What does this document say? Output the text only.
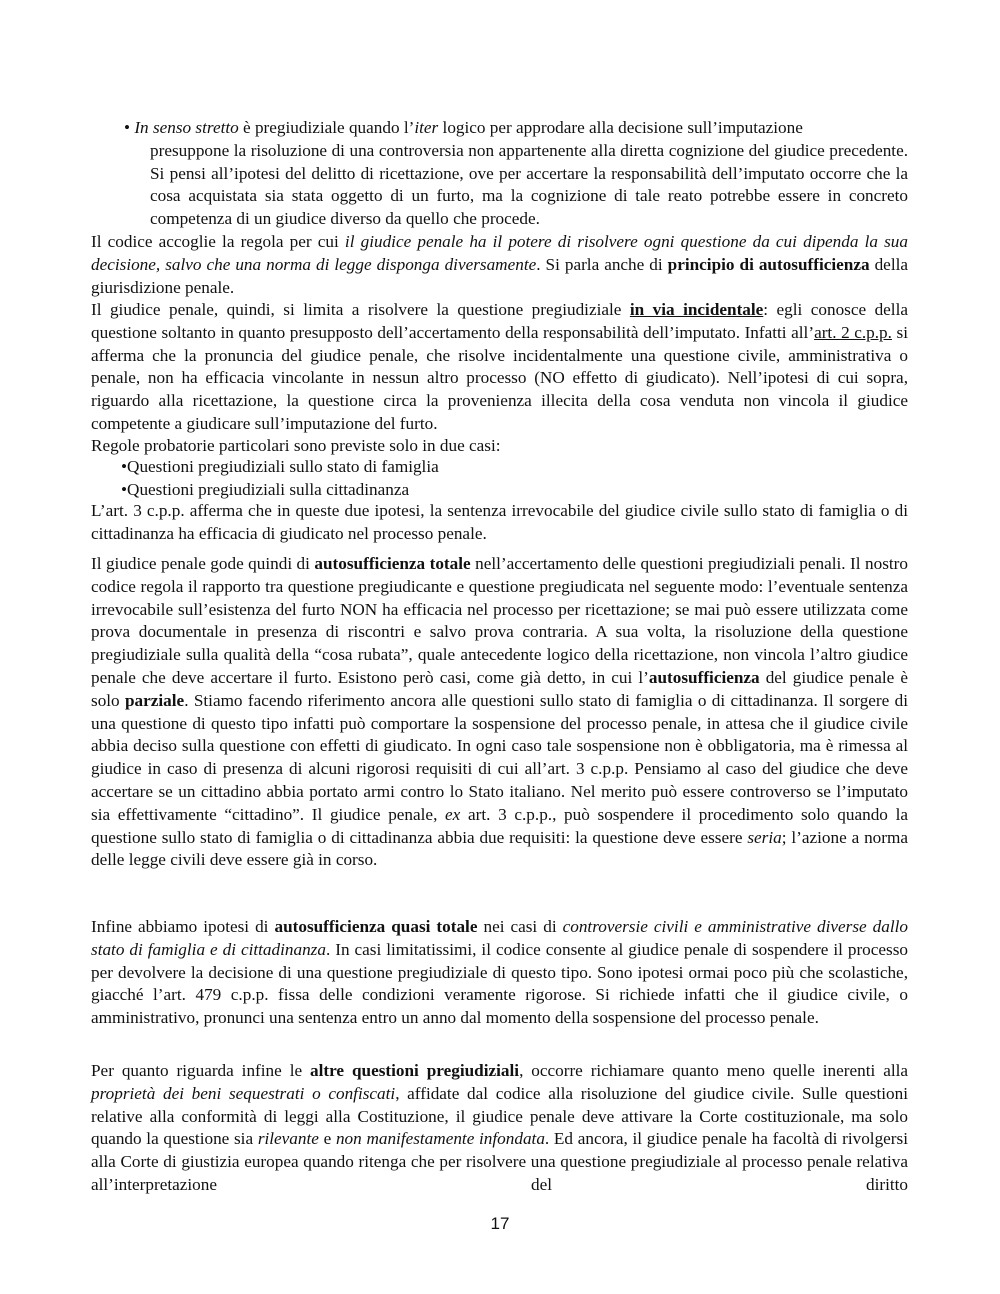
• In senso stretto è pregiudiziale quando l’iter logico per approdare alla decisione sull’imputazione
presuppone la risoluzione di una controversia non appartenente alla diretta cognizione del giudice precedente. Si pensi all’ipotesi del delitto di ricettazione, ove per accertare la responsabilità dell’imputato occorre che la cosa acquistata sia stata oggetto di un furto, ma la cognizione di tale reato potrebbe essere in concreto competenza di un giudice diverso da quello che procede.

Il codice accoglie la regola per cui il giudice penale ha il potere di risolvere ogni questione da cui dipenda la sua decisione, salvo che una norma di legge disponga diversamente. Si parla anche di principio di autosufficienza della giurisdizione penale.

Il giudice penale, quindi, si limita a risolvere la questione pregiudiziale in via incidentale: egli conosce della questione soltanto in quanto presupposto dell’accertamento della responsabilità dell’imputato. Infatti all’art. 2 c.p.p. si afferma che la pronuncia del giudice penale, che risolve incidentalmente una questione civile, amministrativa o penale, non ha efficacia vincolante in nessun altro processo (NO effetto di giudicato). Nell’ipotesi di cui sopra, riguardo alla ricettazione, la questione circa la provenienza illecita della cosa venduta non vincola il giudice competente a giudicare sull’imputazione del furto.

Regole probatorie particolari sono previste solo in due casi:

•Questioni pregiudiziali sullo stato di famiglia

•Questioni pregiudiziali sulla cittadinanza

L’art. 3 c.p.p. afferma che in queste due ipotesi, la sentenza irrevocabile del giudice civile sullo stato di famiglia o di cittadinanza ha efficacia di giudicato nel processo penale.

Il giudice penale gode quindi di autosufficienza totale nell’accertamento delle questioni pregiudiziali penali. Il nostro codice regola il rapporto tra questione pregiudicante e questione pregiudicata nel seguente modo: l’eventuale sentenza irrevocabile sull’esistenza del furto NON ha efficacia nel processo per ricettazione; se mai può essere utilizzata come prova documentale in presenza di riscontri e salvo prova contraria. A sua volta, la risoluzione della questione pregiudiziale sulla qualità della “cosa rubata”, quale antecedente logico della ricettazione, non vincola l’altro giudice penale che deve accertare il furto. Esistono però casi, come già detto, in cui l’autosufficienza del giudice penale è solo parziale. Stiamo facendo riferimento ancora alle questioni sullo stato di famiglia o di cittadinanza. Il sorgere di una questione di questo tipo infatti può comportare la sospensione del processo penale, in attesa che il giudice civile abbia deciso sulla questione con effetti di giudicato. In ogni caso tale sospensione non è obbligatoria, ma è rimessa al giudice in caso di presenza di alcuni rigorosi requisiti di cui all’art. 3 c.p.p. Pensiamo al caso del giudice che deve accertare se un cittadino abbia portato armi contro lo Stato italiano. Nel merito può essere controverso se l’imputato sia effettivamente “cittadino”. Il giudice penale, ex art. 3 c.p.p., può sospendere il procedimento solo quando la questione sullo stato di famiglia o di cittadinanza abbia due requisiti: la questione deve essere seria; l’azione a norma delle legge civili deve essere già in corso.

Infine abbiamo ipotesi di autosufficienza quasi totale nei casi di controversie civili e amministrative diverse dallo stato di famiglia e di cittadinanza. In casi limitatissimi, il codice consente al giudice penale di sospendere il processo per devolvere la decisione di una questione pregiudiziale di questo tipo. Sono ipotesi ormai poco più che scolastiche, giacché l’art. 479 c.p.p. fissa delle condizioni veramente rigorose. Si richiede infatti che il giudice civile, o amministrativo, pronunci una sentenza entro un anno dal momento della sospensione del processo penale.

Per quanto riguarda infine le altre questioni pregiudiziali, occorre richiamare quanto meno quelle inerenti alla proprietà dei beni sequestrati o confiscati, affidate dal codice alla risoluzione del giudice civile. Sulle questioni relative alla conformità di leggi alla Costituzione, il giudice penale deve attivare la Corte costituzionale, ma solo quando la questione sia rilevante e non manifestamente infondata. Ed ancora, il giudice penale ha facoltà di rivolgersi alla Corte di giustizia europea quando ritenga che per risolvere una questione pregiudiziale al processo penale relativa all’interpretazione del diritto

17
